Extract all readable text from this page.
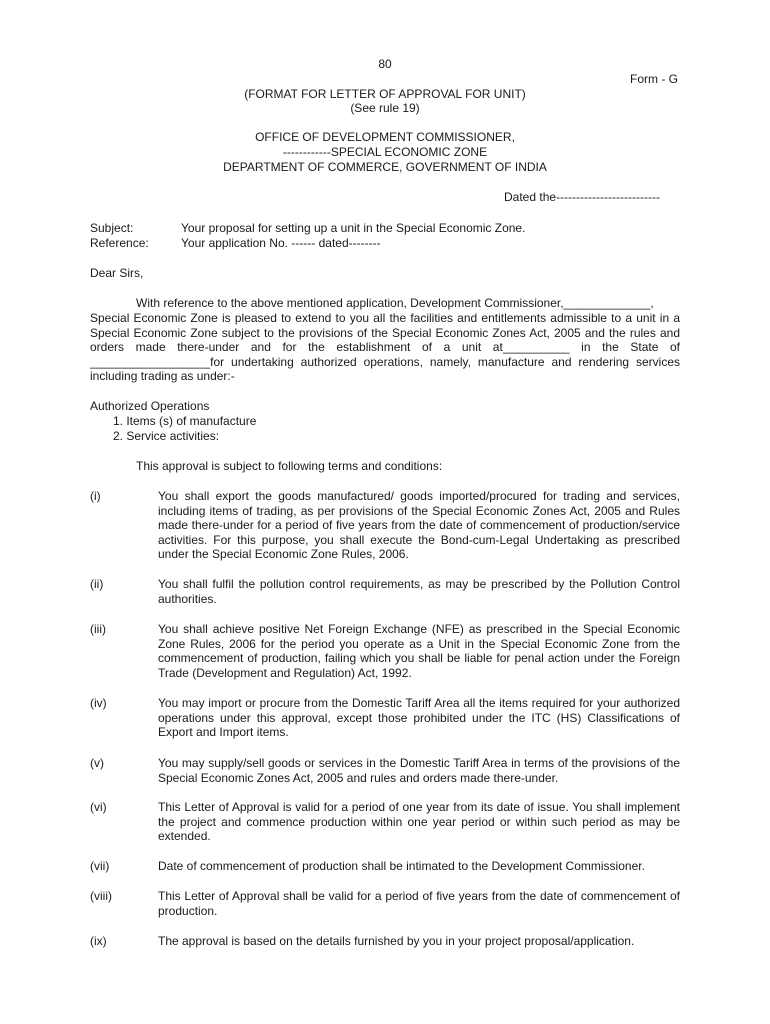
80
Form - G
(FORMAT FOR LETTER OF APPROVAL FOR UNIT)
(See rule 19)
OFFICE OF DEVELOPMENT COMMISSIONER,
------------SPECIAL ECONOMIC ZONE
DEPARTMENT OF COMMERCE, GOVERNMENT OF INDIA
Dated the--------------------------
Subject:	Your proposal for setting up a unit in the Special Economic Zone.
Reference:	Your application No. ------ dated--------
Dear Sirs,
With reference to the above mentioned application, Development Commissioner,_____________,
Special Economic Zone is pleased to extend to you all the facilities and entitlements admissible to a unit in a Special Economic Zone subject to the provisions of the Special Economic Zones Act, 2005 and the rules and orders made there-under and for the establishment of a unit at__________ in the State of __________________for undertaking authorized operations, namely, manufacture and rendering services including trading as under:-
Authorized Operations
1. Items (s) of manufacture
2. Service activities:
This approval is subject to following terms and conditions:
(i)	You shall export the goods manufactured/ goods imported/procured for trading and services, including items of trading, as per provisions of the Special Economic Zones Act, 2005 and Rules made there-under for a period of five years from the date of commencement of production/service activities. For this purpose, you shall execute the Bond-cum-Legal Undertaking as prescribed under the Special Economic Zone Rules, 2006.
(ii)	You shall fulfil the pollution control requirements, as may be prescribed by the Pollution Control authorities.
(iii)	You shall achieve positive Net Foreign Exchange (NFE) as prescribed in the Special Economic Zone Rules, 2006 for the period you operate as a Unit in the Special Economic Zone from the commencement of production, failing which you shall be liable for penal action under the Foreign Trade (Development and Regulation) Act, 1992.
(iv)	You may import or procure from the Domestic Tariff Area all the items required for your authorized operations under this approval, except those prohibited under the ITC (HS) Classifications of Export and Import items.
(v)	You may supply/sell goods or services in the Domestic Tariff Area in terms of the provisions of the Special Economic Zones Act, 2005 and rules and orders made there-under.
(vi)	This Letter of Approval is valid for a period of one year from its date of issue. You shall implement the project and commence production within one year period or within such period as may be extended.
(vii)	Date of commencement of production shall be intimated to the Development Commissioner.
(viii)	This Letter of Approval shall be valid for a period of five years from the date of commencement of production.
(ix)	The approval is based on the details furnished by you in your project proposal/application.
